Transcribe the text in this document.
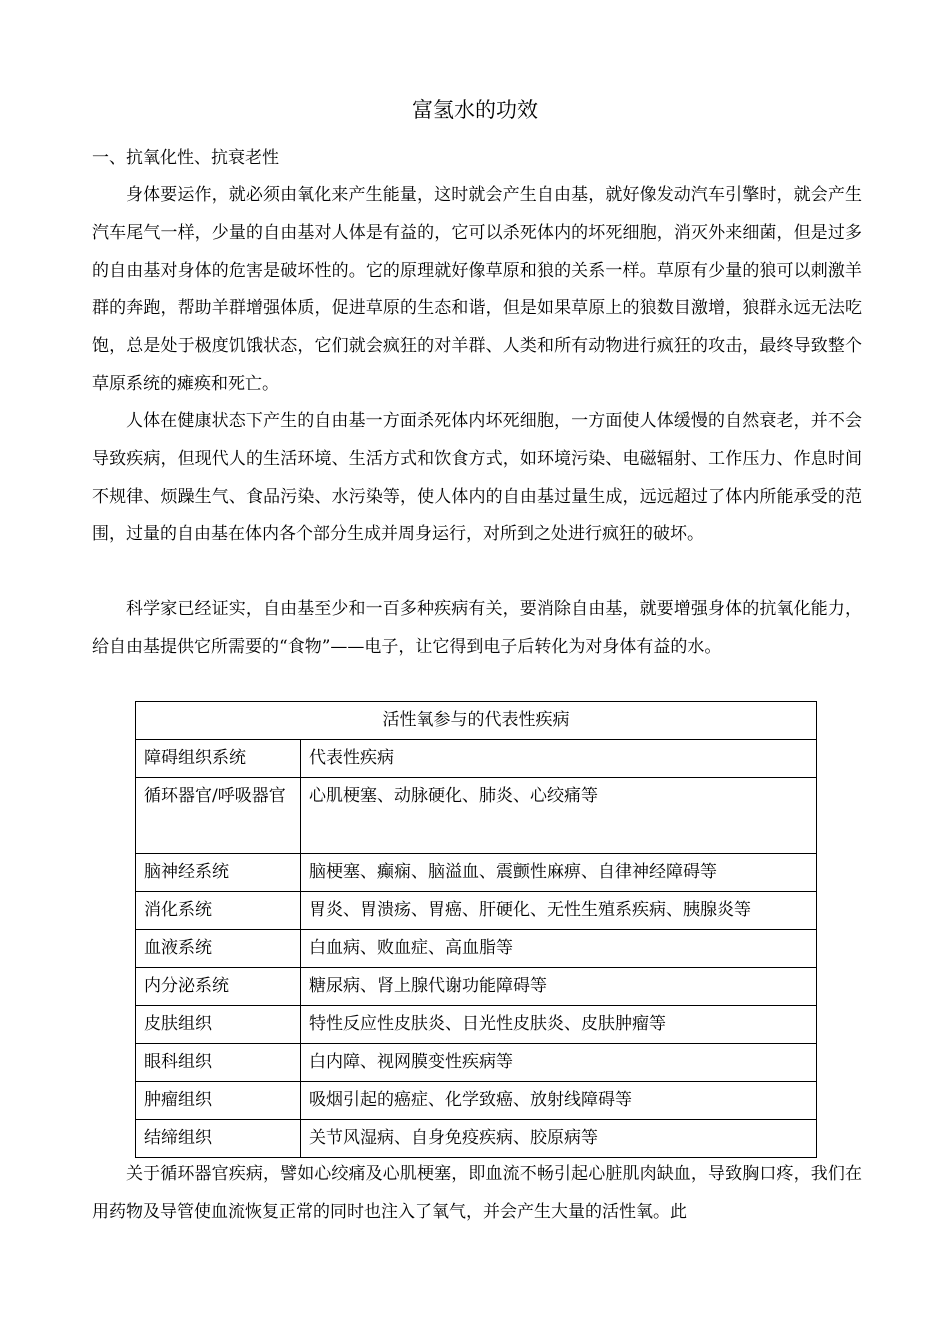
富氢水的功效
一、抗氧化性、抗衰老性

身体要运作，就必须由氧化来产生能量，这时就会产生自由基，就好像发动汽车引擎时，就会产生汽车尾气一样，少量的自由基对人体是有益的，它可以杀死体内的坏死细胞，消灭外来细菌，但是过多的自由基对身体的危害是破坏性的。它的原理就好像草原和狼的关系一样。草原有少量的狼可以刺激羊群的奔跑，帮助羊群增强体质，促进草原的生态和谐，但是如果草原上的狼数目激增，狼群永远无法吃饱，总是处于极度饥饿状态，它们就会疯狂的对羊群、人类和所有动物进行疯狂的攻击，最终导致整个草原系统的瘫痪和死亡。

人体在健康状态下产生的自由基一方面杀死体内坏死细胞，一方面使人体缓慢的自然衰老，并不会导致疾病，但现代人的生活环境、生活方式和饮食方式，如环境污染、电磁辐射、工作压力、作息时间不规律、烦躁生气、食品污染、水污染等，使人体内的自由基过量生成，远远超过了体内所能承受的范围，过量的自由基在体内各个部分生成并周身运行，对所到之处进行疯狂的破坏。

科学家已经证实，自由基至少和一百多种疾病有关，要消除自由基，就要增强身体的抗氧化能力，给自由基提供它所需要的“食物”——电子，让它得到电子后转化为对身体有益的水。

活性氧参与的代表性疾病	
障碍组织系统	代表性疾病
循环器官/呼吸器官	心肌梗塞、动脉硬化、肺炎、心绞痛等
脑神经系统	脑梗塞、癫痫、脑溢血、震颤性麻痹、自律神经障碍等
消化系统	胃炎、胃溃疡、胃癌、肝硬化、无性生殖系疾病、胰腺炎等
血液系统	白血病、败血症、高血脂等
内分泌系统	糖尿病、肾上腺代谢功能障碍等
皮肤组织	特性反应性皮肤炎、日光性皮肤炎、皮肤肿瘤等
眼科组织	白内障、视网膜变性疾病等
肿瘤组织	吸烟引起的癌症、化学致癌、放射线障碍等
结缔组织	关节风湿病、自身免疫疾病、胶原病等

关于循环器官疾病，譬如心绞痛及心肌梗塞，即血流不畅引起心脏肌肉缺血，导致胸口疼，我们在用药物及导管使血流恢复正常的同时也注入了氧气，并会产生大量的活性氧。此
